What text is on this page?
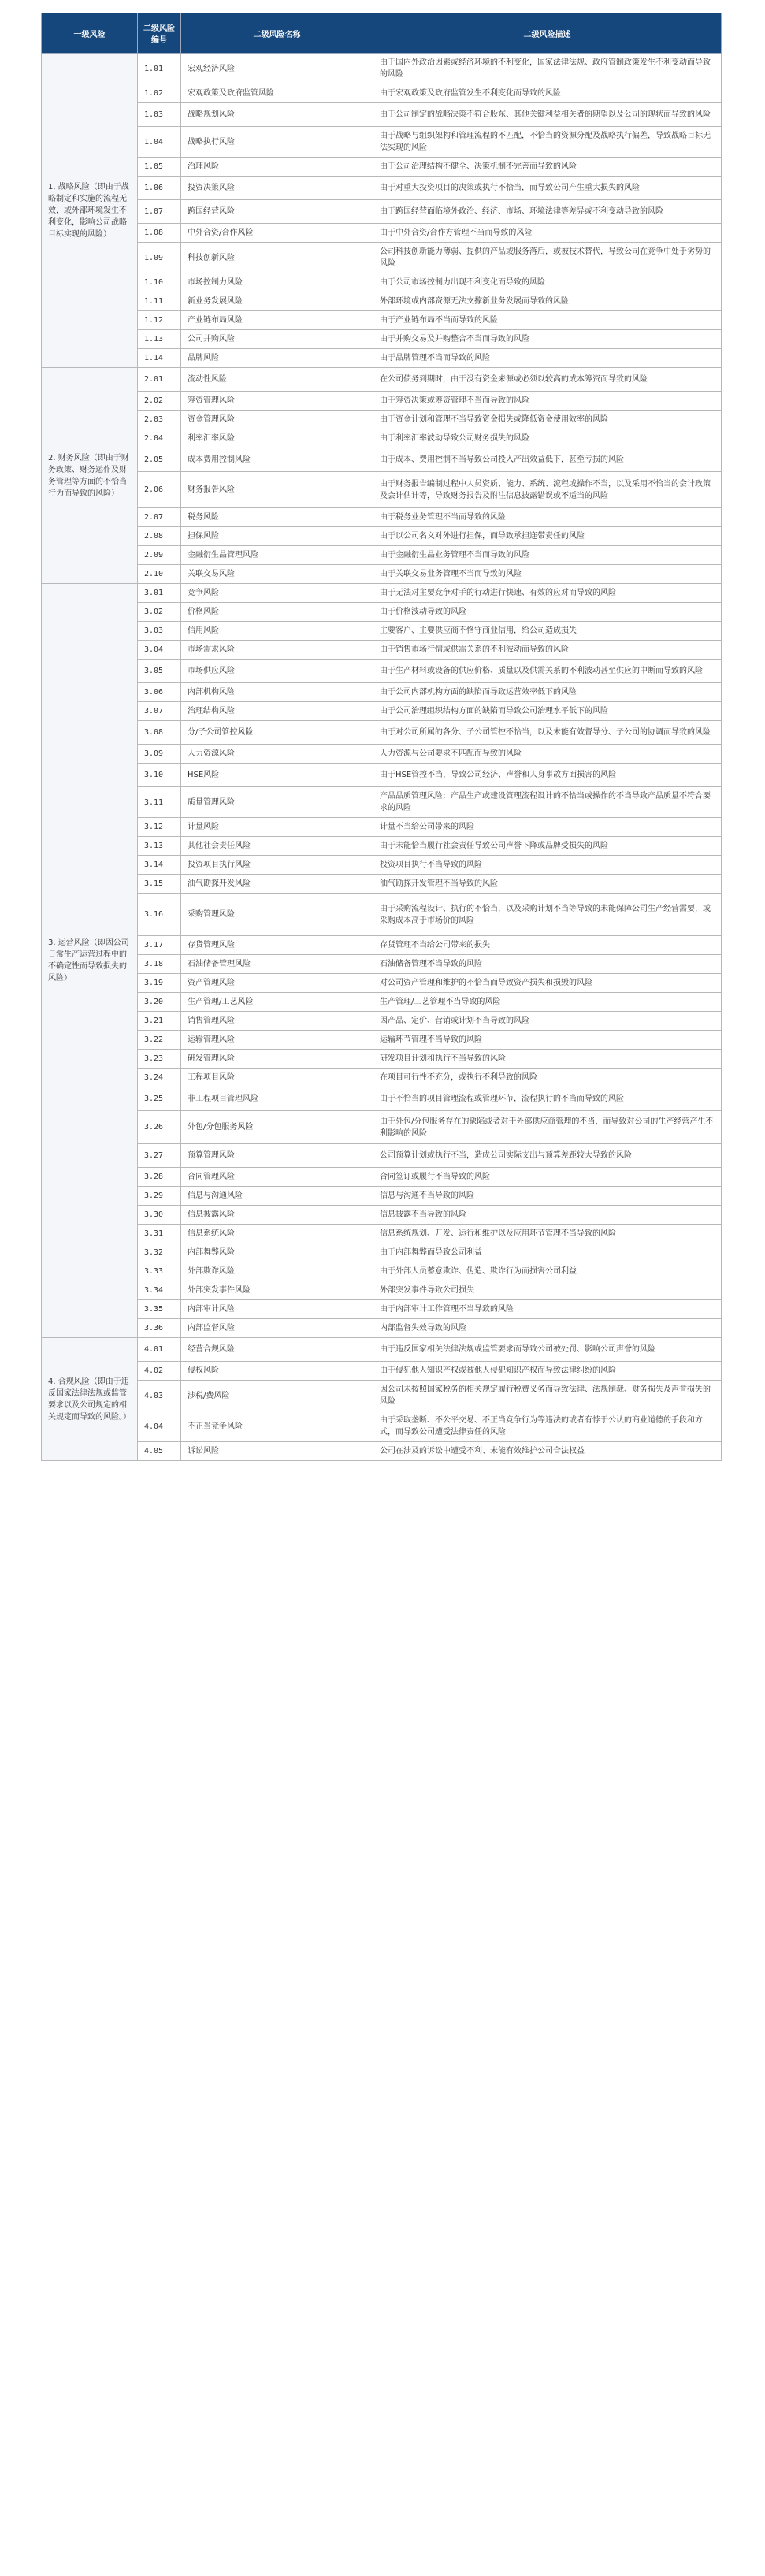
一级风险	二级风险编号	二级风险名称	二级风险描述
1. 战略风险（即由于战略制定和实施的流程无效，或外部环境发生不利变化，影响公司战略目标实现的风险）	1.01	宏观经济风险	由于国内外政治因素或经济环境的不利变化，国家法律法规、政府管制政策发生不利变动而导致的风险
	1.02	宏观政策及政府监管风险	由于宏观政策及政府监管发生不利变化而导致的风险
	1.03	战略规划风险	由于公司制定的战略决策不符合股东、其他关键利益相关者的期望以及公司的现状而导致的风险
	1.04	战略执行风险	由于战略与组织架构和管理流程的不匹配，不恰当的资源分配及战略执行偏差，导致战略目标无法实现的风险
	1.05	治理风险	由于公司治理结构不健全、决策机制不完善而导致的风险
	1.06	投资决策风险	由于对重大投资项目的决策或执行不恰当，而导致公司产生重大损失的风险
	1.07	跨国经营风险	由于跨国经营面临境外政治、经济、市场、环境法律等差异或不利变动导致的风险
	1.08	中外合资/合作风险	由于中外合资/合作方管理不当而导致的风险
	1.09	科技创新风险	公司科技创新能力薄弱、提供的产品或服务落后，或被技术替代，导致公司在竞争中处于劣势的风险
	1.10	市场控制力风险	由于公司市场控制力出现不利变化而导致的风险
	1.11	新业务发展风险	外部环境或内部资源无法支撑新业务发展而导致的风险
	1.12	产业链布局风险	由于产业链布局不当而导致的风险
	1.13	公司并购风险	由于并购交易及并购整合不当而导致的风险
	1.14	品牌风险	由于品牌管理不当而导致的风险
2. 财务风险（即由于财务政策、财务运作及财务管理等方面的不恰当行为而导致的风险）	2.01	流动性风险	在公司债务到期时，由于没有资金来源或必须以较高的成本筹资而导致的风险
	2.02	筹资管理风险	由于筹资决策或筹资管理不当而导致的风险
	2.03	资金管理风险	由于资金计划和管理不当导致资金损失或降低资金使用效率的风险
	2.04	利率汇率风险	由于利率汇率波动导致公司财务损失的风险
	2.05	成本费用控制风险	由于成本、费用控制不当导致公司投入产出效益低下，甚至亏损的风险
	2.06	财务报告风险	由于财务报告编制过程中人员资质、能力、系统、流程或操作不当，以及采用不恰当的会计政策及会计估计等，导致财务报告及附注信息披露错误或不适当的风险
	2.07	税务风险	由于税务业务管理不当而导致的风险
	2.08	担保风险	由于以公司名义对外进行担保，而导致承担连带责任的风险
	2.09	金融衍生品管理风险	由于金融衍生品业务管理不当而导致的风险
	2.10	关联交易风险	由于关联交易业务管理不当而导致的风险
3. 运营风险（即因公司日常生产运营过程中的不确定性而导致损失的风险）	3.01	竞争风险	由于无法对主要竞争对手的行动进行快速、有效的应对而导致的风险
	3.02	价格风险	由于价格波动导致的风险
	3.03	信用风险	主要客户、主要供应商不恪守商业信用，给公司造成损失
	3.04	市场需求风险	由于销售市场行情或供需关系的不利波动而导致的风险
	3.05	市场供应风险	由于生产材料或设备的供应价格、质量以及供需关系的不利波动甚至供应的中断而导致的风险
	3.06	内部机构风险	由于公司内部机构方面的缺陷而导致运营效率低下的风险
	3.07	治理结构风险	由于公司治理组织结构方面的缺陷而导致公司治理水平低下的风险
	3.08	分/子公司管控风险	由于对公司所属的各分、子公司管控不恰当，以及未能有效督导分、子公司的协调而导致的风险
	3.09	人力资源风险	人力资源与公司要求不匹配而导致的风险
	3.10	HSE风险	由于HSE管控不当，导致公司经济、声誉和人身事故方面损害的风险
	3.11	质量管理风险	产品品质管理风险：产品生产或建设管理流程设计的不恰当或操作的不当导致产品质量不符合要求的风险
	3.12	计量风险	计量不当给公司带来的风险
	3.13	其他社会责任风险	由于未能恰当履行社会责任导致公司声誉下降或品牌受损失的风险
	3.14	投资项目执行风险	投资项目执行不当导致的风险
	3.15	油气勘探开发风险	油气勘探开发管理不当导致的风险
	3.16	采购管理风险	由于采购流程设计、执行的不恰当，以及采购计划不当等导致的未能保障公司生产经营需要，或采购成本高于市场价的风险
	3.17	存货管理风险	存货管理不当给公司带来的损失
	3.18	石油储备管理风险	石油储备管理不当导致的风险
	3.19	资产管理风险	对公司资产管理和维护的不恰当而导致资产损失和损毁的风险
	3.20	生产管理/工艺风险	生产管理/工艺管理不当导致的风险
	3.21	销售管理风险	因产品、定价、营销或计划不当导致的风险
	3.22	运输管理风险	运输环节管理不当导致的风险
	3.23	研发管理风险	研发项目计划和执行不当导致的风险
	3.24	工程项目风险	在项目可行性不充分，或执行不利导致的风险
	3.25	非工程项目管理风险	由于不恰当的项目管理流程或管理环节，流程执行的不当而导致的风险
	3.26	外包/分包服务风险	由于外包/分包服务存在的缺陷或者对于外部供应商管理的不当，而导致对公司的生产经营产生不利影响的风险
	3.27	预算管理风险	公司预算计划或执行不当，造成公司实际支出与预算差距较大导致的风险
	3.28	合同管理风险	合同签订或履行不当导致的风险
	3.29	信息与沟通风险	信息与沟通不当导致的风险
	3.30	信息披露风险	信息披露不当导致的风险
	3.31	信息系统风险	信息系统规划、开发、运行和维护以及应用环节管理不当导致的风险
	3.32	内部舞弊风险	由于内部舞弊而导致公司利益
	3.33	外部欺诈风险	由于外部人员蓄意欺诈、伪造、欺诈行为而损害公司利益
	3.34	外部突发事件风险	外部突发事件导致公司损失
	3.35	内部审计风险	由于内部审计工作管理不当导致的风险
	3.36	内部监督风险	内部监督失效导致的风险
4. 合规风险（即由于违反国家法律法规或监管要求以及公司规定的相关规定而导致的风险。）	4.01	经营合规风险	由于违反国家相关法律法规或监管要求而导致公司被处罚、影响公司声誉的风险
	4.02	侵权风险	由于侵犯他人知识产权或被他人侵犯知识产权而导致法律纠纷的风险
	4.03	涉税/费风险	因公司未按照国家税务的相关规定履行税费义务而导致法律、法规制裁、财务损失及声誉损失的风险
	4.04	不正当竞争风险	由于采取垄断、不公平交易、不正当竞争行为等违法的或者有悖于公认的商业道德的手段和方式，而导致公司遭受法律责任的风险
	4.05	诉讼风险	公司在涉及的诉讼中遭受不利、未能有效维护公司合法权益
